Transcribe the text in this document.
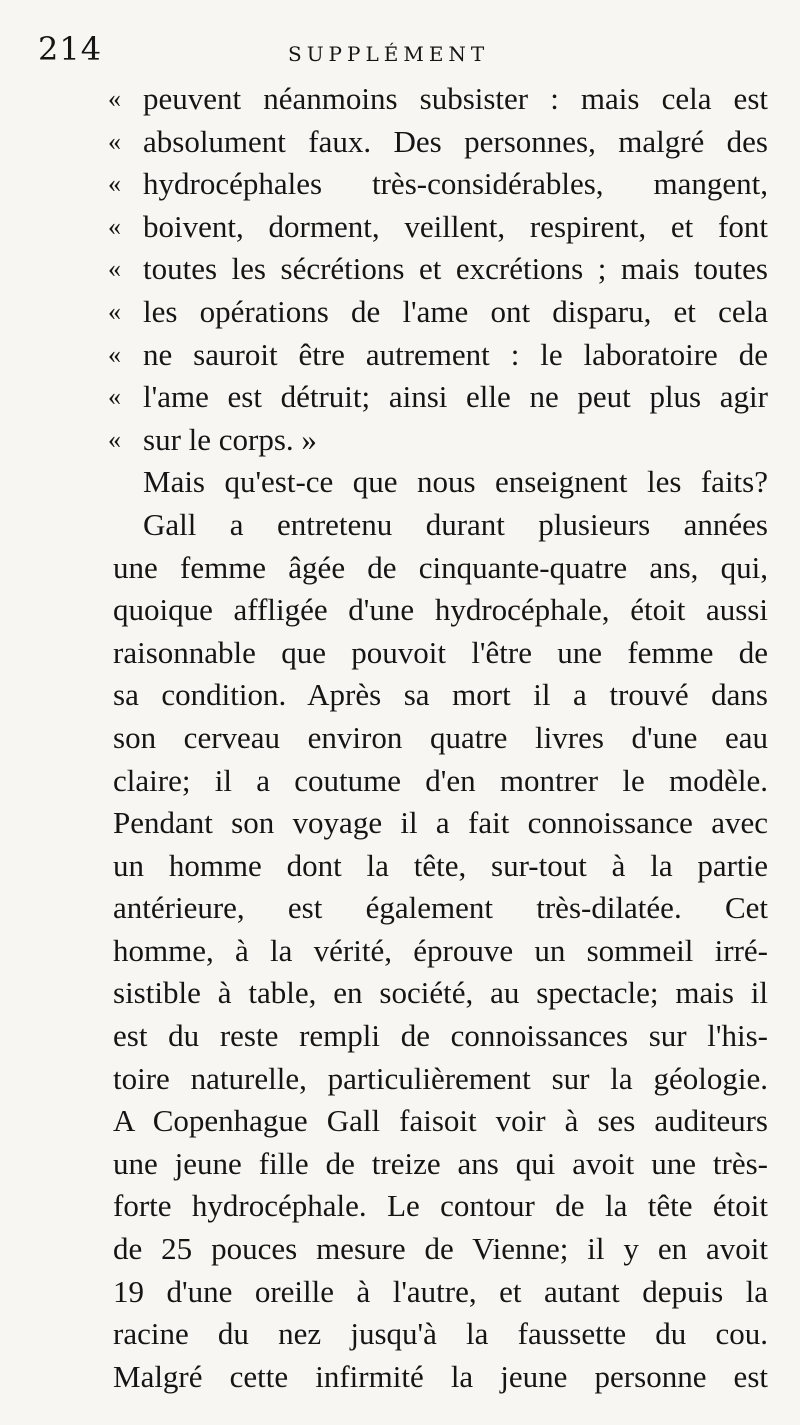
214	SUPPLÉMENT
« peuvent néanmoins subsister : mais cela est
« absolument faux. Des personnes, malgré des
« hydrocéphales très-considérables, mangent,
« boivent, dorment, veillent, respirent, et font
« toutes les sécrétions et excrétions ; mais toutes
« les opérations de l'ame ont disparu, et cela
« ne sauroit être autrement : le laboratoire de
« l'ame est détruit; ainsi elle ne peut plus agir
« sur le corps. »
Mais qu'est-ce que nous enseignent les faits?
Gall a entretenu durant plusieurs années
une femme âgée de cinquante-quatre ans, qui,
quoique affligée d'une hydrocéphale, étoit aussi
raisonnable que pouvoit l'être une femme de
sa condition. Après sa mort il a trouvé dans
son cerveau environ quatre livres d'une eau
claire; il a coutume d'en montrer le modèle.
Pendant son voyage il a fait connoissance avec
un homme dont la tête, sur-tout à la partie
antérieure, est également très-dilatée. Cet
homme, à la vérité, éprouve un sommeil irré-
sistible à table, en société, au spectacle; mais il
est du reste rempli de connoissances sur l'his-
toire naturelle, particulièrement sur la géologie.
A Copenhague Gall faisoit voir à ses auditeurs
une jeune fille de treize ans qui avoit une très-
forte hydrocéphale. Le contour de la tête étoit
de 25 pouces mesure de Vienne; il y en avoit
19 d'une oreille à l'autre, et autant depuis la
racine du nez jusqu'à la faussette du cou.
Malgré cette infirmité la jeune personne est
